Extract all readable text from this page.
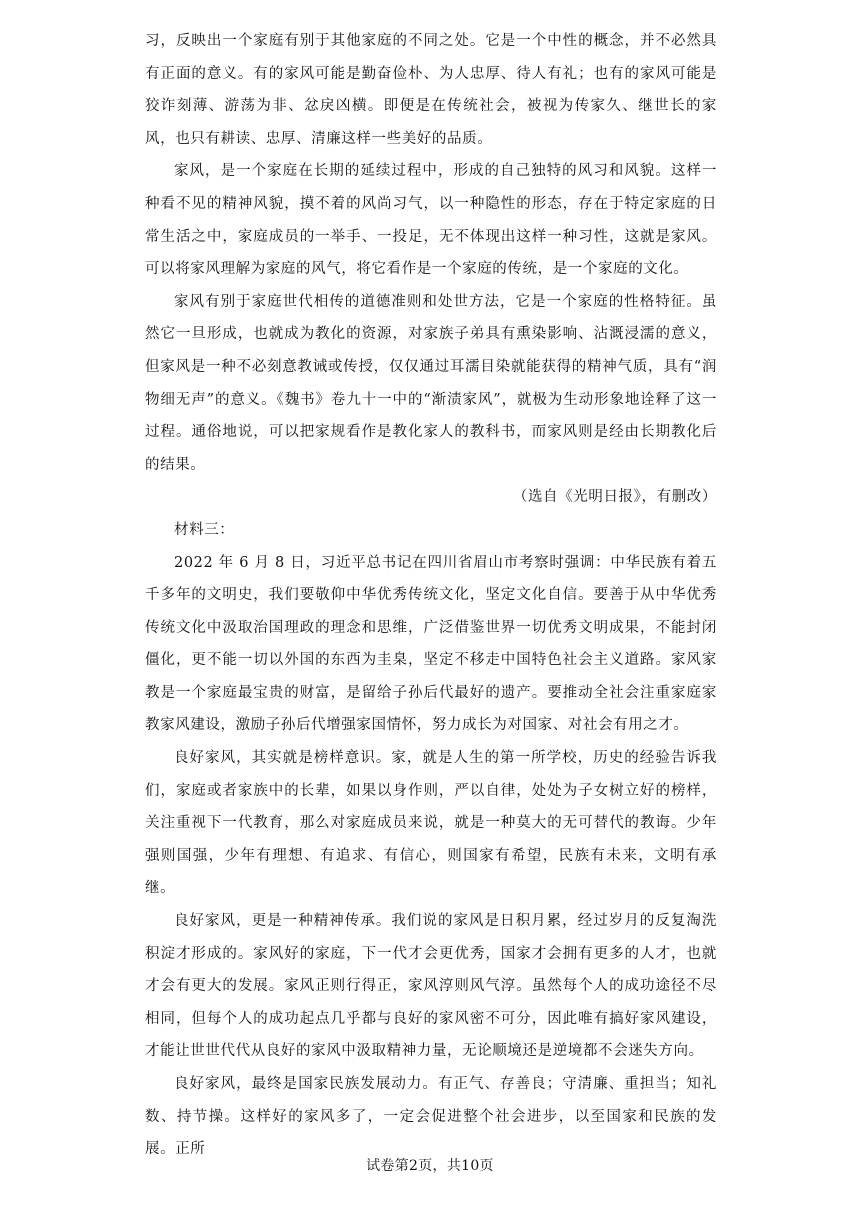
习，反映出一个家庭有别于其他家庭的不同之处。它是一个中性的概念，并不必然具有正面的意义。有的家风可能是勤奋俭朴、为人忠厚、待人有礼；也有的家风可能是狡诈刻薄、游荡为非、忿戾凶横。即便是在传统社会，被视为传家久、继世长的家风，也只有耕读、忠厚、清廉这样一些美好的品质。

家风，是一个家庭在长期的延续过程中，形成的自己独特的风习和风貌。这样一种看不见的精神风貌，摸不着的风尚习气，以一种隐性的形态，存在于特定家庭的日常生活之中，家庭成员的一举手、一投足，无不体现出这样一种习性，这就是家风。可以将家风理解为家庭的风气，将它看作是一个家庭的传统，是一个家庭的文化。

家风有别于家庭世代相传的道德准则和处世方法，它是一个家庭的性格特征。虽然它一旦形成，也就成为教化的资源，对家族子弟具有熏染影响、沾溉浸濡的意义，但家风是一种不必刻意教诫或传授，仅仅通过耳濡目染就能获得的精神气质，具有“润物细无声”的意义。《魏书》卷九十一中的“渐渍家风”，就极为生动形象地诠释了这一过程。通俗地说，可以把家规看作是教化家人的教科书，而家风则是经由长期教化后的结果。

（选自《光明日报》，有删改）

材料三：

2022 年 6 月 8 日，习近平总书记在四川省眉山市考察时强调：中华民族有着五千多年的文明史，我们要敬仰中华优秀传统文化，坚定文化自信。要善于从中华优秀传统文化中汲取治国理政的理念和思维，广泛借鉴世界一切优秀文明成果，不能封闭僵化，更不能一切以外国的东西为圭臬，坚定不移走中国特色社会主义道路。家风家教是一个家庭最宝贵的财富，是留给子孙后代最好的遗产。要推动全社会注重家庭家教家风建设，激励子孙后代增强家国情怀，努力成长为对国家、对社会有用之才。

良好家风，其实就是榜样意识。家，就是人生的第一所学校，历史的经验告诉我们，家庭或者家族中的长辈，如果以身作则，严以自律，处处为子女树立好的榜样，关注重视下一代教育，那么对家庭成员来说，就是一种莫大的无可替代的教诲。少年强则国强，少年有理想、有追求、有信心，则国家有希望，民族有未来，文明有承继。

良好家风，更是一种精神传承。我们说的家风是日积月累，经过岁月的反复淘洗积淀才形成的。家风好的家庭，下一代才会更优秀，国家才会拥有更多的人才，也就才会有更大的发展。家风正则行得正，家风淳则风气淳。虽然每个人的成功途径不尽相同，但每个人的成功起点几乎都与良好的家风密不可分，因此唯有搞好家风建设，才能让世世代代从良好的家风中汲取精神力量，无论顺境还是逆境都不会迷失方向。

良好家风，最终是国家民族发展动力。有正气、存善良；守清廉、重担当；知礼数、持节操。这样好的家风多了，一定会促进整个社会进步，以至国家和民族的发展。正所

试卷第2页，共10页
